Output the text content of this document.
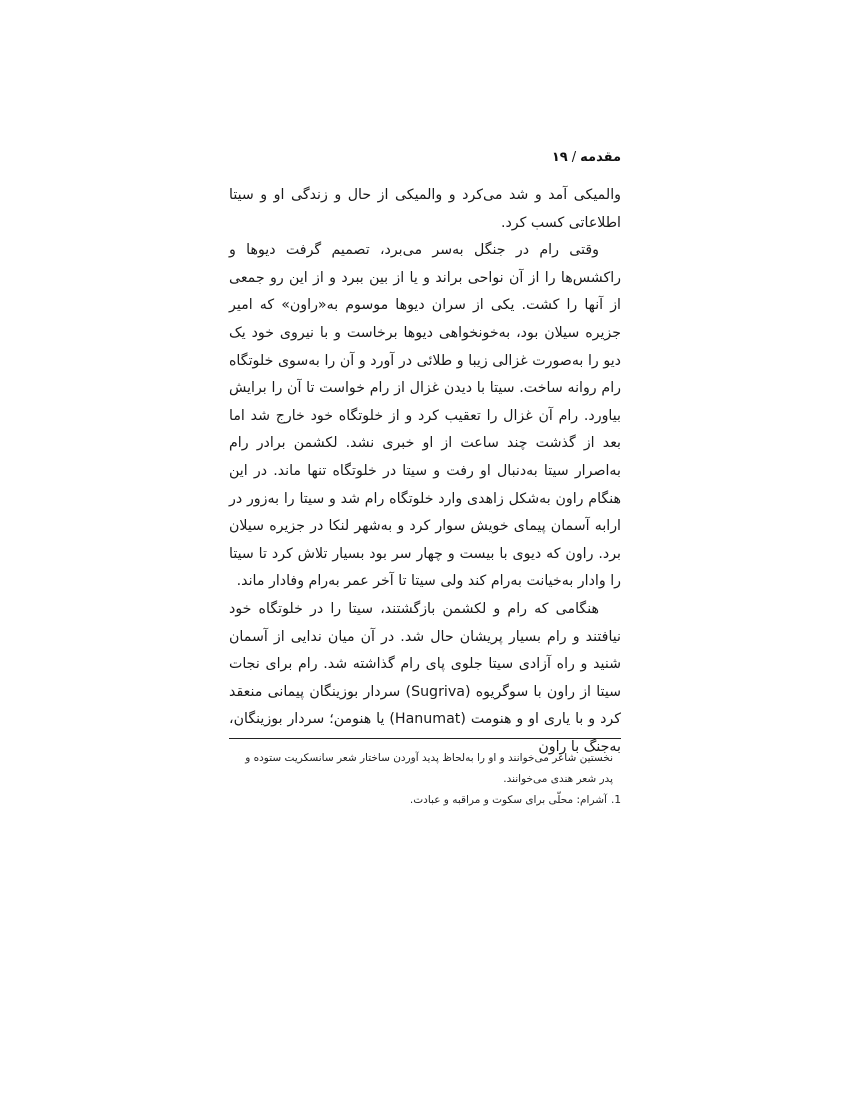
مقدمه/۱۹

والمیکی آمد و شد می‌کرد و والمیکی از حال و زندگی او و سیتا اطلاعاتی کسب کرد.

وقتی رام در جنگل به‌سر می‌برد، تصمیم گرفت دیوها و راکشس‌ها را از آن نواحی براند و یا از بین ببرد و از این رو جمعی از آنها را کشت. یکی از سران دیوها موسوم به«راون» که امیر جزیره سیلان بود، به‌خونخواهی دیوها برخاست و با نیروی خود یک دیو را به‌صورت غزالی زیبا و طلائی در آورد و آن را به‌سوی خلوتگاه رام روانه ساخت. سیتا با دیدن غزال از رام خواست تا آن را برایش بیاورد. رام آن غزال را تعقیب کرد و از خلوتگاه خود خارج شد اما بعد از گذشت چند ساعت از او خبری نشد. لکشمن برادر رام به‌اصرار سیتا به‌دنبال او رفت و سیتا در خلوتگاه تنها ماند. در این هنگام راون به‌شکل زاهدی وارد خلوتگاه رام شد و سیتا را به‌زور در ارابه آسمان پیمای خویش سوار کرد و به‌شهر لنکا در جزیره سیلان برد. راون که دیوی با بیست و چهار سر بود بسیار تلاش کرد تا سیتا را وادار به‌خیانت به‌رام کند ولی سیتا تا آخر عمر به‌رام وفادار ماند.

هنگامی که رام و لکشمن بازگشتند، سیتا را در خلوتگاه خود نیافتند و رام بسیار پریشان حال شد. در آن میان ندایی از آسمان شنید و راه آزادی سیتا جلوی پای رام گذاشته شد. رام برای نجات سیتا از راون با سوگریوه (Sugriva) سردار بوزینگان پیمانی منعقد کرد و با یاری او و هنومت (Hanumat) یا هنومن؛ سردار بوزینگان، به‌جنگ با راون

نخستین شاعر می‌خوانند و او را به‌لحاظ پدید آوردن ساختار شعر سانسکریت ستوده و پدر شعر هندی می‌خوانند.

1.آشرام: محلّی برای سکوت و مراقبه و عبادت.
